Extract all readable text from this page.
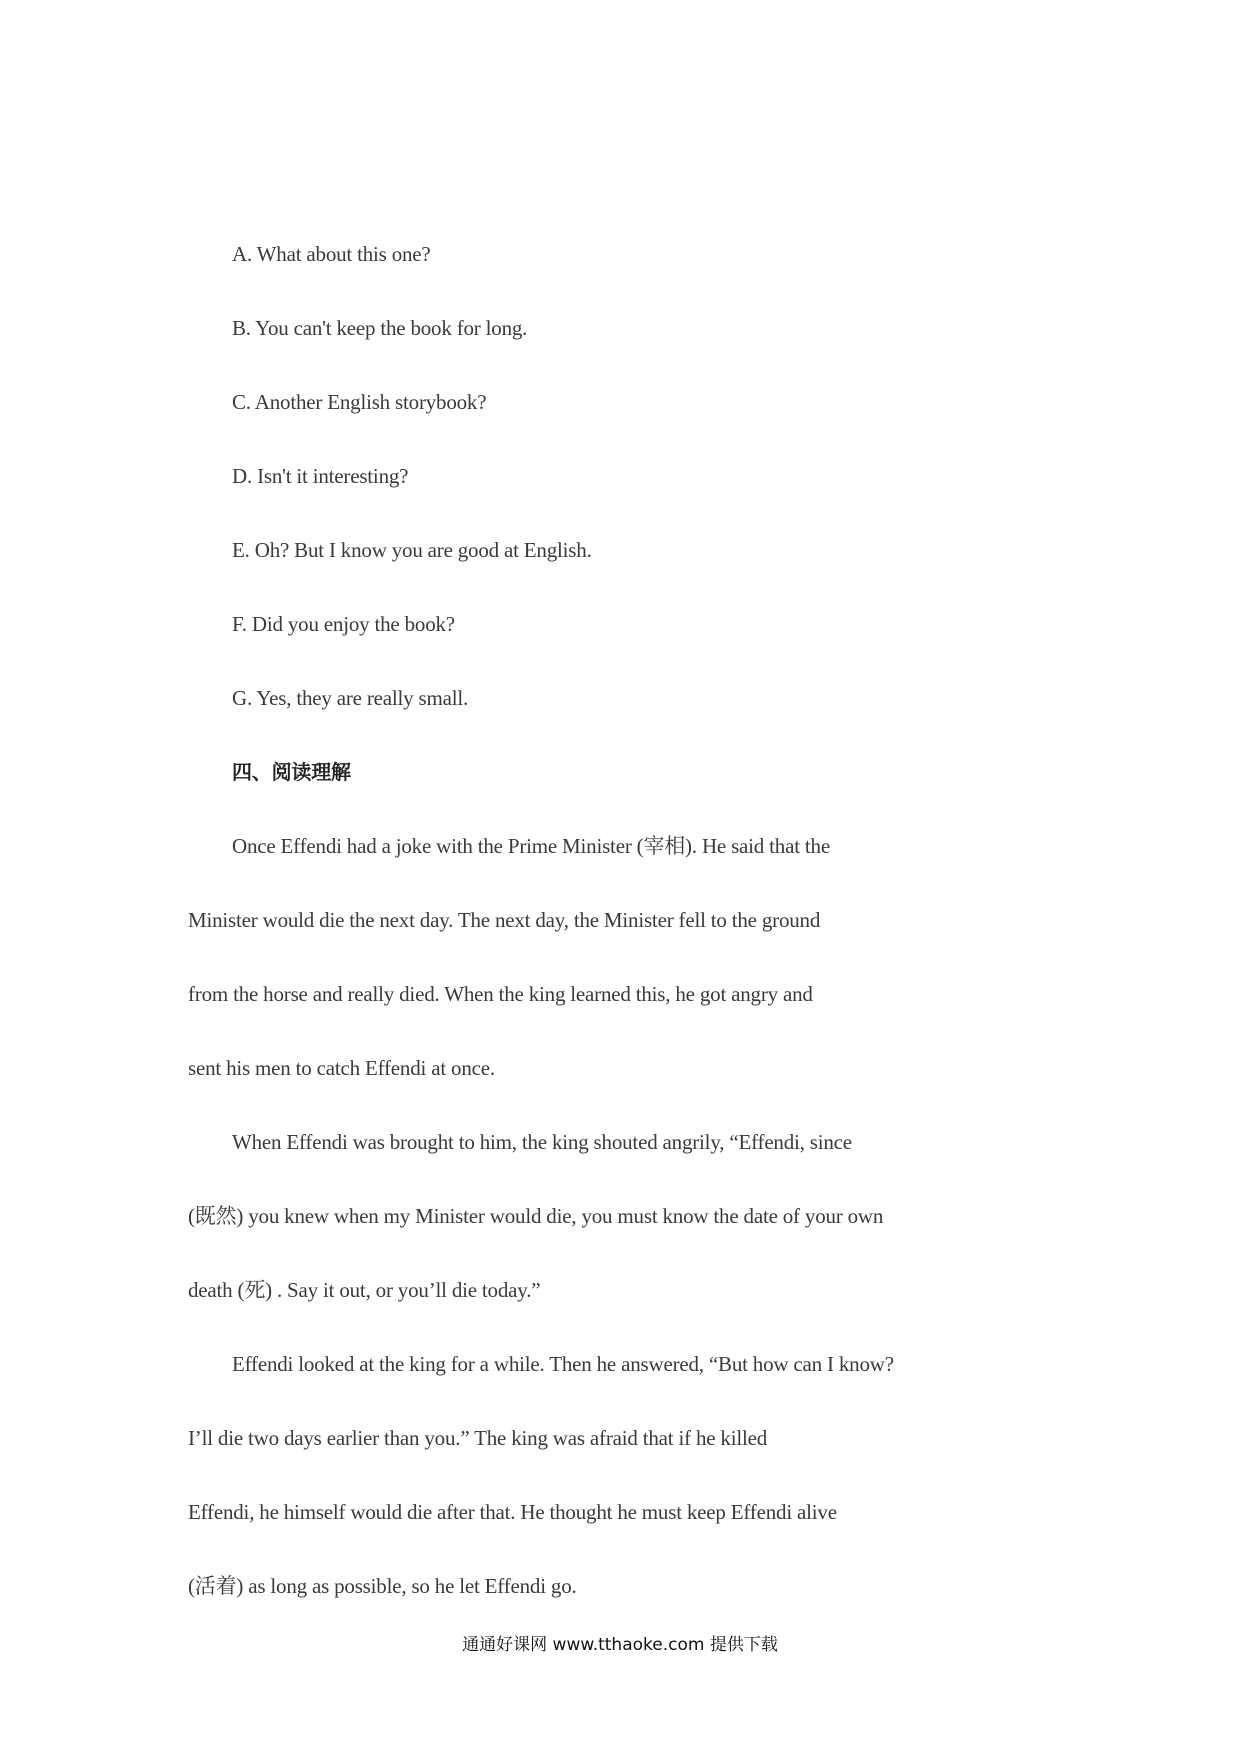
A. What about this one?
B. You can't keep the book for long.
C. Another English storybook?
D. Isn't it interesting?
E. Oh? But I know you are good at English.
F. Did you enjoy the book?
G. Yes, they are really small.
四、阅读理解
Once Effendi had a joke with the Prime Minister (宰相). He said that the
Minister would die the next day. The next day, the Minister fell to the ground
from the horse and really died. When the king learned this, he got angry and
sent his men to catch Effendi at once.
When Effendi was brought to him, the king shouted angrily, “Effendi, since
(既然) you knew when my Minister would die, you must know the date of your own
death (死) . Say it out, or you’ll die today.”
Effendi looked at the king for a while. Then he answered, “But how can I know?
I’ll die two days earlier than you.” The king was afraid that if he killed
Effendi, he himself would die after that. He thought he must keep Effendi alive
(活着) as long as possible, so he let Effendi go.
通通好课网 www.tthaoke.com 提供下载
